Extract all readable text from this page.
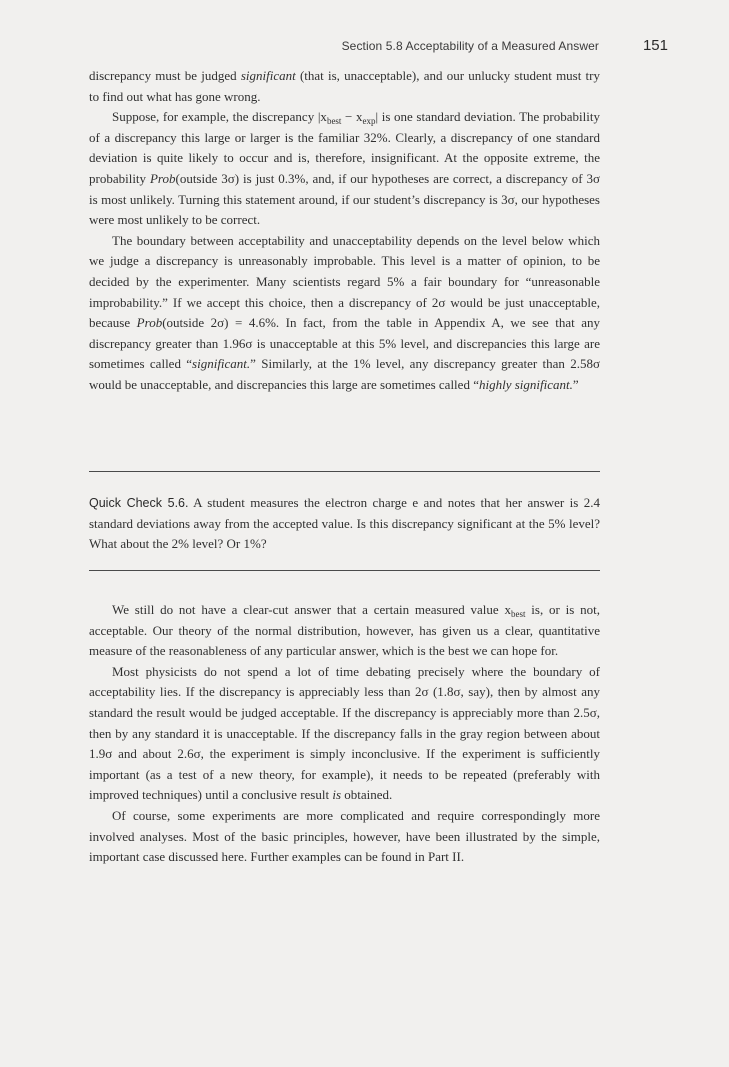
Section 5.8 Acceptability of a Measured Answer	151

discrepancy must be judged significant (that is, unacceptable), and our unlucky student must try to find out what has gone wrong.

Suppose, for example, the discrepancy $|x_{best} - x_{exp}|$ is one standard deviation. The probability of a discrepancy this large or larger is the familiar 32%. Clearly, a discrepancy of one standard deviation is quite likely to occur and is, therefore, insignificant. At the opposite extreme, the probability Prob(outside 3σ) is just 0.3%, and, if our hypotheses are correct, a discrepancy of 3σ is most unlikely. Turning this statement around, if our student’s discrepancy is 3σ, our hypotheses were most unlikely to be correct.

The boundary between acceptability and unacceptability depends on the level below which we judge a discrepancy is unreasonably improbable. This level is a matter of opinion, to be decided by the experimenter. Many scientists regard 5% a fair boundary for “unreasonable improbability.” If we accept this choice, then a discrepancy of 2σ would be just unacceptable, because Prob(outside 2σ) = 4.6%. In fact, from the table in Appendix A, we see that any discrepancy greater than 1.96σ is unacceptable at this 5% level, and discrepancies this large are sometimes called “significant.” Similarly, at the 1% level, any discrepancy greater than 2.58σ would be unacceptable, and discrepancies this large are sometimes called “highly significant.”

Quick Check 5.6. A student measures the electron charge e and notes that her answer is 2.4 standard deviations away from the accepted value. Is this discrepancy significant at the 5% level? What about the 2% level? Or 1%?

We still do not have a clear-cut answer that a certain measured value $x_{best}$ is, or is not, acceptable. Our theory of the normal distribution, however, has given us a clear, quantitative measure of the reasonableness of any particular answer, which is the best we can hope for.

Most physicists do not spend a lot of time debating precisely where the boundary of acceptability lies. If the discrepancy is appreciably less than 2σ (1.8σ, say), then by almost any standard the result would be judged acceptable. If the discrepancy is appreciably more than 2.5σ, then by any standard it is unacceptable. If the discrepancy falls in the gray region between about 1.9σ and about 2.6σ, the experiment is simply inconclusive. If the experiment is sufficiently important (as a test of a new theory, for example), it needs to be repeated (preferably with improved techniques) until a conclusive result is obtained.

Of course, some experiments are more complicated and require correspondingly more involved analyses. Most of the basic principles, however, have been illustrated by the simple, important case discussed here. Further examples can be found in Part II.
